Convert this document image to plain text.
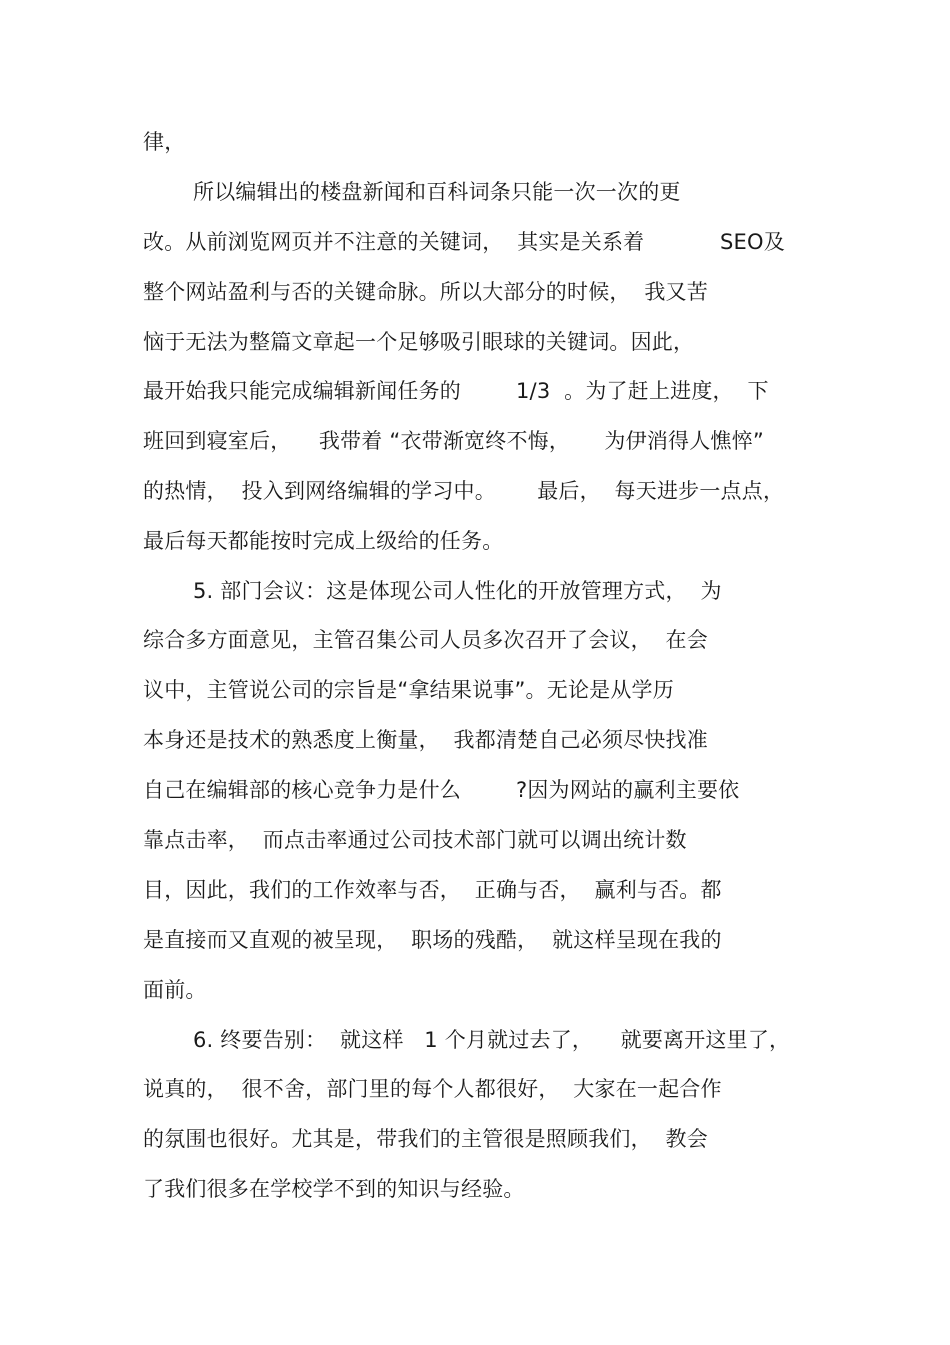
律，
所以编辑出的楼盘新闻和百科词条只能一次一次的更
改。从前浏览网页并不注意的关键词，  其实是关系着           SEO及
整个网站盈利与否的关键命脉。所以大部分的时候，  我又苦
恼于无法为整篇文章起一个足够吸引眼球的关键词。因此，
最开始我只能完成编辑新闻任务的        1/3  。为了赶上进度，  下
班回到寝室后，    我带着 “衣带渐宽终不悔，     为伊消得人憔悴”
的热情，  投入到网络编辑的学习中。      最后，  每天进步一点点，
最后每天都能按时完成上级给的任务。
5. 部门会议：这是体现公司人性化的开放管理方式，  为
综合多方面意见，主管召集公司人员多次召开了会议，  在会
议中，主管说公司的宗旨是“拿结果说事”。无论是从学历
本身还是技术的熟悉度上衡量，  我都清楚自己必须尽快找准
自己在编辑部的核心竞争力是什么        ?因为网站的赢利主要依
靠点击率，  而点击率通过公司技术部门就可以调出统计数
目，因此，我们的工作效率与否，  正确与否，  赢利与否。都
是直接而又直观的被呈现，  职场的残酷，  就这样呈现在我的
面前。
6. 终要告别：  就这样   1 个月就过去了，    就要离开这里了，
说真的，  很不舍，部门里的每个人都很好，  大家在一起合作
的氛围也很好。尤其是，带我们的主管很是照顾我们，  教会
了我们很多在学校学不到的知识与经验。
